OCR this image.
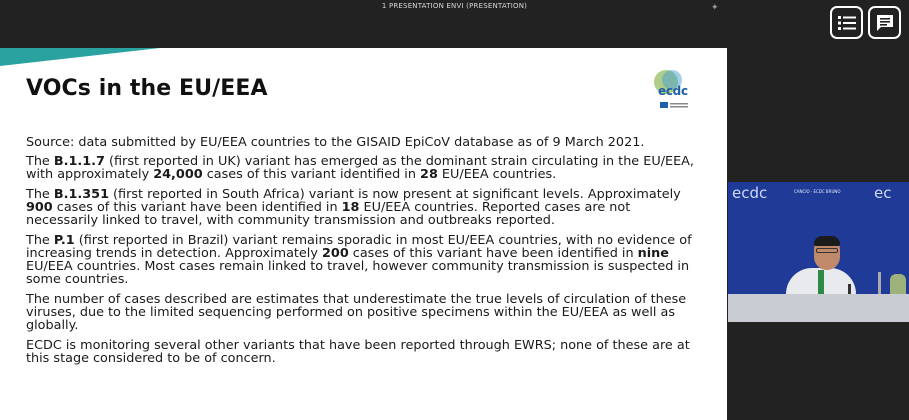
1 PRESENTATION ENVI (PRESENTATION)	✦
VOCs in the EU/EEA	ecdc

Source: data submitted by EU/EEA countries to the GISAID EpiCoV database as of 9 March 2021.

The B.1.1.7 (first reported in UK) variant has emerged as the dominant strain circulating in the EU/EEA, with approximately 24,000 cases of this variant identified in 28 EU/EEA countries.

The B.1.351 (first reported in South Africa) variant is now present at significant levels. Approximately 900 cases of this variant have been identified in 18 EU/EEA countries. Reported cases are not necessarily linked to travel, with community transmission and outbreaks reported.

The P.1 (first reported in Brazil) variant remains sporadic in most EU/EEA countries, with no evidence of increasing trends in detection. Approximately 200 cases of this variant have been identified in nine EU/EEA countries. Most cases remain linked to travel, however community transmission is suspected in some countries.

The number of cases described are estimates that underestimate the true levels of circulation of these viruses, due to the limited sequencing performed on positive specimens within the EU/EEA as well as globally.

ECDC is monitoring several other variants that have been reported through EWRS; none of these are at this stage considered to be of concern.

ecdc	CANCIO · ECDC BRUNO ec
